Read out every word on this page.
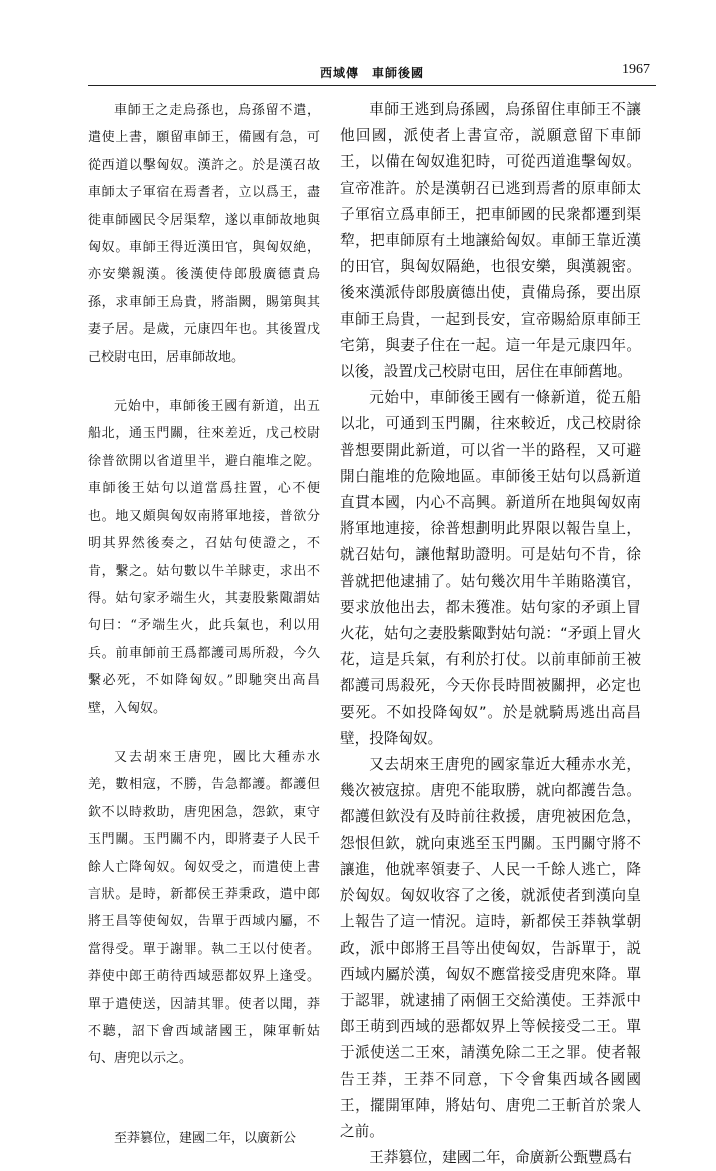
西域傳　車師後國	1967

車師王之走烏孫也，烏孫留不遣，遣使上書，願留車師王，備國有急，可從西道以擊匈奴。漢許之。於是漢召故車師太子軍宿在焉耆者，立以爲王，盡徙車師國民令居渠犂，遂以車師故地與匈奴。車師王得近漢田官，與匈奴絶，亦安樂親漢。後漢使侍郎殷廣德責烏孫，求車師王烏貴，將詣闕，賜第與其妻子居。是歲，元康四年也。其後置戊己校尉屯田，居車師故地。

元始中，車師後王國有新道，出五船北，通玉門關，往來差近，戊己校尉徐普欲開以省道里半，避白龍堆之阸。車師後王姑句以道當爲拄置，心不便也。地又頗與匈奴南將軍地接，普欲分明其界然後奏之，召姑句使證之，不肯，繫之。姑句數以牛羊賕吏，求出不得。姑句家矛端生火，其妻股紫陬謂姑句曰：“矛端生火，此兵氣也，利以用兵。前車師前王爲都護司馬所殺，今久繫必死，不如降匈奴。”即馳突出高昌壁，入匈奴。

又去胡來王唐兜，國比大種赤水羌，數相寇，不勝，告急都護。都護但欽不以時救助，唐兜困急，怨欽，東守玉門關。玉門關不内，即將妻子人民千餘人亡降匈奴。匈奴受之，而遣使上書言狀。是時，新都侯王莽秉政，遣中郎將王昌等使匈奴，告單于西域内屬，不當得受。單于謝罪。執二王以付使者。莽使中郎王萌待西域惡都奴界上逢受。單于遣使送，因請其罪。使者以聞，莽不聽，詔下會西域諸國王，陳軍斬姑句、唐兜以示之。

至莽篡位，建國二年，以廣新公

車師王逃到烏孫國，烏孫留住車師王不讓他回國，派使者上書宣帝，説願意留下車師王，以備在匈奴進犯時，可從西道進擊匈奴。宣帝准許。於是漢朝召已逃到焉耆的原車師太子軍宿立爲車師王，把車師國的民衆都遷到渠犂，把車師原有土地讓給匈奴。車師王靠近漢的田官，與匈奴隔絶，也很安樂，與漢親密。後來漢派侍郎殷廣德出使，責備烏孫，要出原車師王烏貴，一起到長安，宣帝賜給原車師王宅第，與妻子住在一起。這一年是元康四年。以後，設置戊己校尉屯田，居住在車師舊地。

元始中，車師後王國有一條新道，從五船以北，可通到玉門關，往來較近，戊己校尉徐普想要開此新道，可以省一半的路程，又可避開白龍堆的危險地區。車師後王姑句以爲新道直貫本國，内心不高興。新道所在地與匈奴南將軍地連接，徐普想劃明此界限以報告皇上，就召姑句，讓他幫助證明。可是姑句不肯，徐普就把他逮捕了。姑句幾次用牛羊賄賂漢官，要求放他出去，都未獲准。姑句家的矛頭上冒火花，姑句之妻股紫陬對姑句説：“矛頭上冒火花，這是兵氣，有利於打仗。以前車師前王被都護司馬殺死，今天你長時間被關押，必定也要死。不如投降匈奴”。於是就騎馬逃出高昌壁，投降匈奴。

又去胡來王唐兜的國家靠近大種赤水羌，幾次被寇掠。唐兜不能取勝，就向都護告急。都護但欽没有及時前往救援，唐兜被困危急，怨恨但欽，就向東逃至玉門關。玉門關守將不讓進，他就率領妻子、人民一千餘人逃亡，降於匈奴。匈奴收容了之後，就派使者到漢向皇上報告了這一情況。這時，新都侯王莽執掌朝政，派中郎將王昌等出使匈奴，告訴單于，説西域内屬於漢，匈奴不應當接受唐兜來降。單于認罪，就逮捕了兩個王交給漢使。王莽派中郎王萌到西域的惡都奴界上等候接受二王。單于派使送二王來，請漢免除二王之罪。使者報告王莽，王莽不同意，下令會集西域各國國王，擺開軍陣，將姑句、唐兜二王斬首於衆人之前。

王莽篡位，建國二年，命廣新公甄豐爲右
